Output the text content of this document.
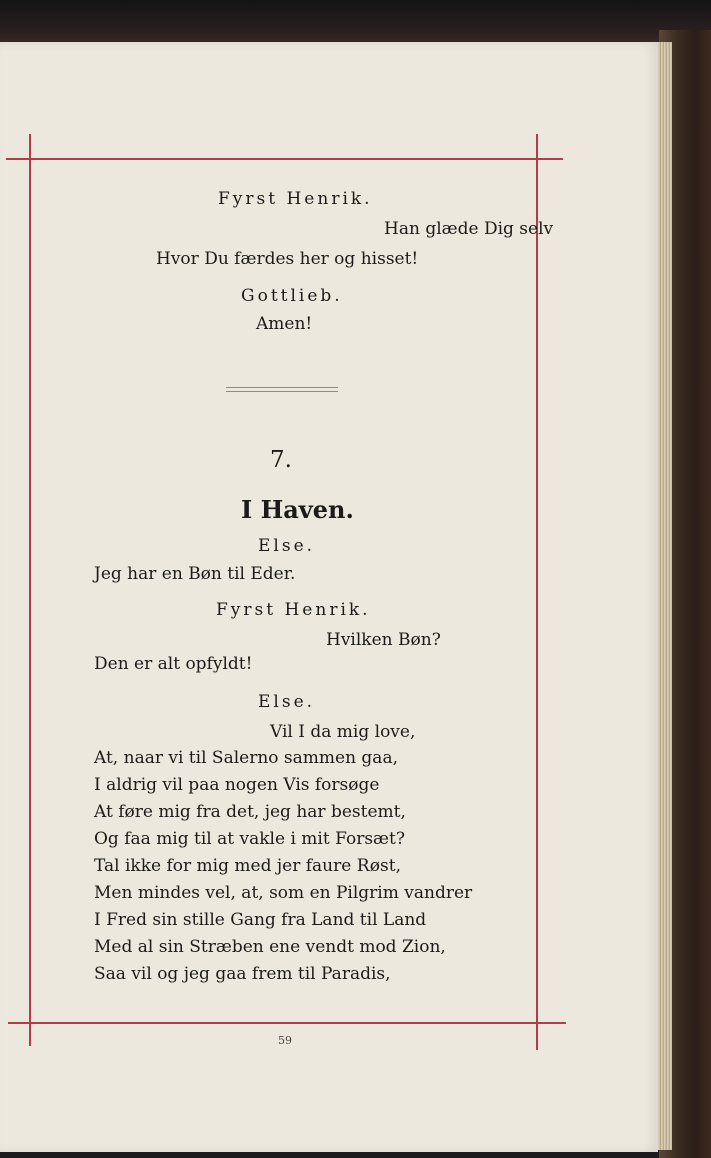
Fyrst Henrik.
Han glæde Dig selv
Hvor Du færdes her og hisset!
Gottlieb.
Amen!
7.
I Haven.
Else.
Jeg har en Bøn til Eder.
Fyrst Henrik.
Hvilken Bøn?
Den er alt opfyldt!
Else.
Vil I da mig love,
At, naar vi til Salerno sammen gaa,
I aldrig vil paa nogen Vis forsøge
At føre mig fra det, jeg har bestemt,
Og faa mig til at vakle i mit Forsæt?
Tal ikke for mig med jer faure Røst,
Men mindes vel, at, som en Pilgrim vandrer
I Fred sin stille Gang fra Land til Land
Med al sin Stræben ene vendt mod Zion,
Saa vil og jeg gaa frem til Paradis,
59
